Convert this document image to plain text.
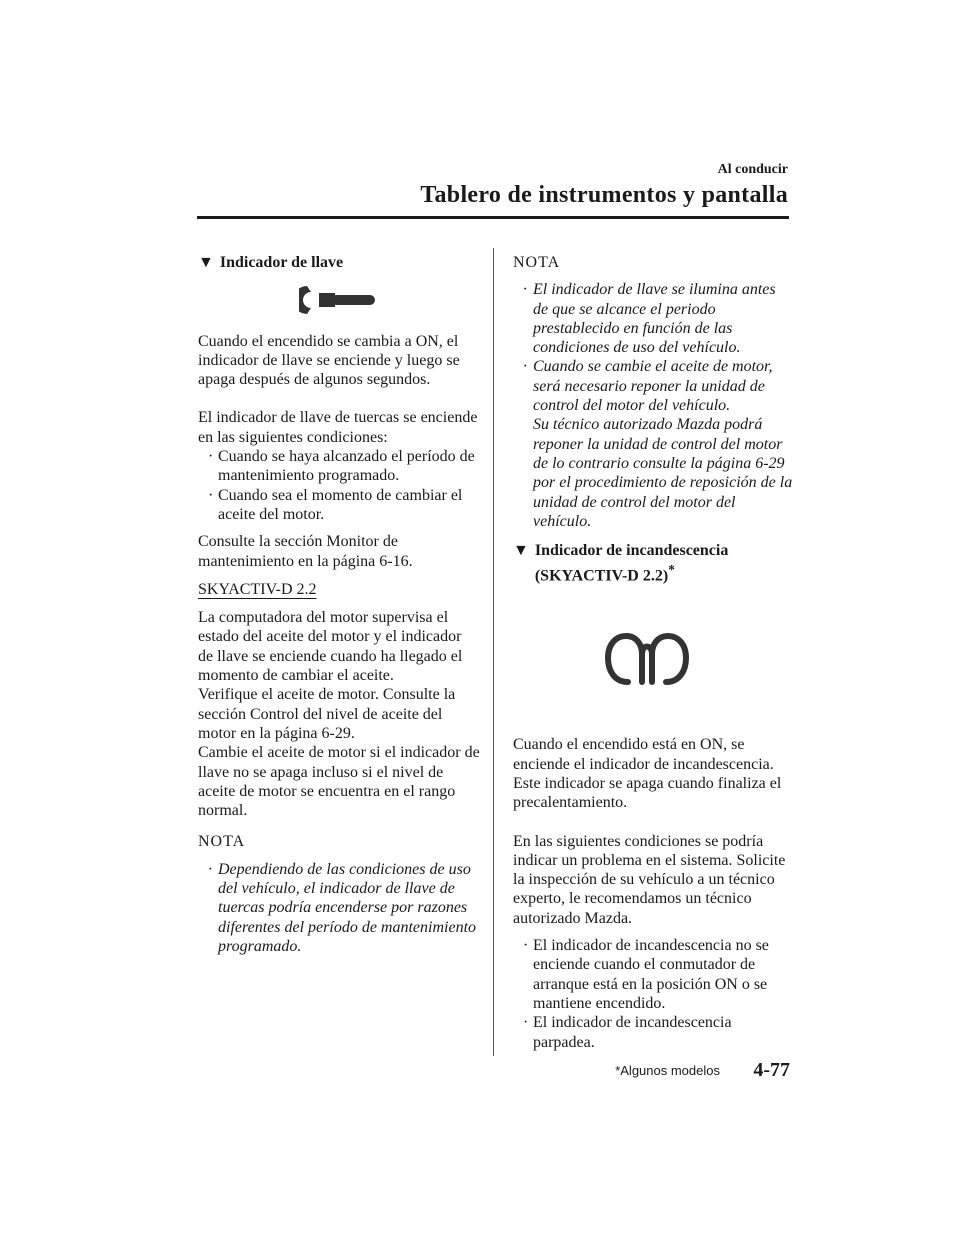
Al conducir
Tablero de instrumentos y pantalla
▼ Indicador de llave

Cuando el encendido se cambia a ON, el indicador de llave se enciende y luego se apaga después de algunos segundos.

El indicador de llave de tuercas se enciende en las siguientes condiciones:

· Cuando se haya alcanzado el período de mantenimiento programado.
· Cuando sea el momento de cambiar el aceite del motor.

Consulte la sección Monitor de mantenimiento en la página 6-16.

SKYACTIV-D 2.2

La computadora del motor supervisa el estado del aceite del motor y el indicador de llave se enciende cuando ha llegado el momento de cambiar el aceite.

Verifique el aceite de motor. Consulte la sección Control del nivel de aceite del motor en la página 6-29.

Cambie el aceite de motor si el indicador de llave no se apaga incluso si el nivel de aceite de motor se encuentra en el rango normal.

NOTA

· Dependiendo de las condiciones de uso del vehículo, el indicador de llave de tuercas podría encenderse por razones diferentes del período de mantenimiento programado.

NOTA

· El indicador de llave se ilumina antes de que se alcance el periodo prestablecido en función de las condiciones de uso del vehículo.
· Cuando se cambie el aceite de motor, será necesario reponer la unidad de control del motor del vehículo.
Su técnico autorizado Mazda podrá reponer la unidad de control del motor de lo contrario consulte la página 6-29 por el procedimiento de reposición de la unidad de control del motor del vehículo.
▼ Indicador de incandescencia
(SKYACTIV-D 2.2)*

Cuando el encendido está en ON, se enciende el indicador de incandescencia. Este indicador se apaga cuando finaliza el precalentamiento.

En las siguientes condiciones se podría indicar un problema en el sistema. Solicite la inspección de su vehículo a un técnico experto, le recomendamos un técnico autorizado Mazda.

· El indicador de incandescencia no se enciende cuando el conmutador de arranque está en la posición ON o se mantiene encendido.
· El indicador de incandescencia parpadea.
*Algunos modelos 4-77
